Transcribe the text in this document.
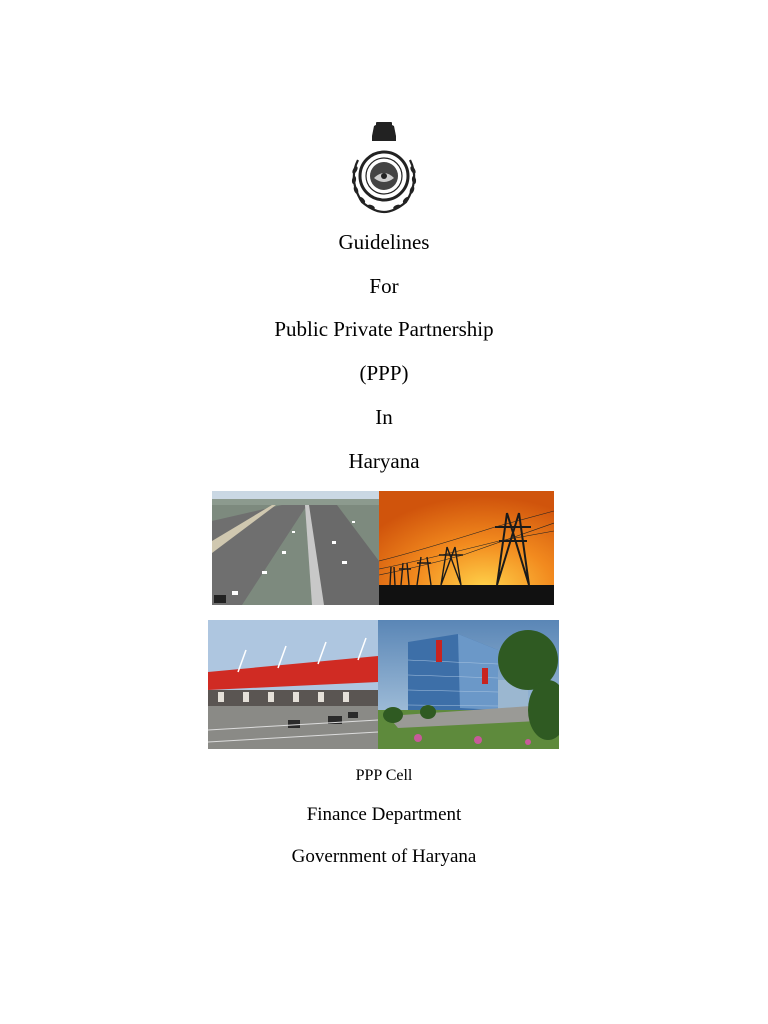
Guidelines
For
Public Private Partnership
(PPP)
In
Haryana
PPP Cell
Finance Department
Government of Haryana
